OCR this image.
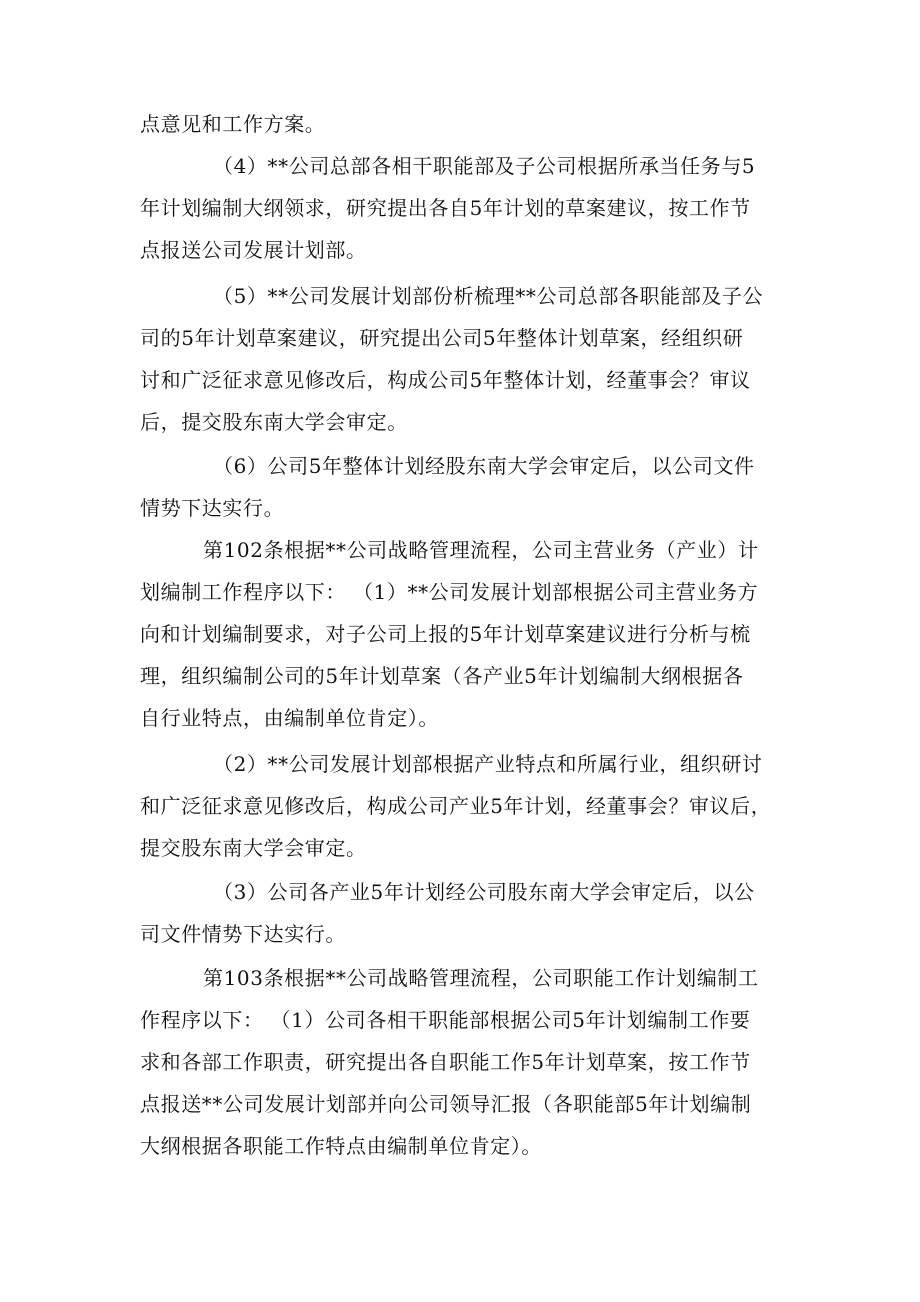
点意见和工作方案。
（4）**公司总部各相干职能部及子公司根据所承当任务与5
年计划编制大纲领求，研究提出各自5年计划的草案建议，按工作节
点报送公司发展计划部。
（5）**公司发展计划部份析梳理**公司总部各职能部及子公
司的5年计划草案建议，研究提出公司5年整体计划草案，经组织研
讨和广泛征求意见修改后，构成公司5年整体计划，经董事会？审议
后，提交股东南大学会审定。
（6）公司5年整体计划经股东南大学会审定后，以公司文件
情势下达实行。
第102条根据**公司战略管理流程，公司主营业务（产业）计
划编制工作程序以下： （1）**公司发展计划部根据公司主营业务方
向和计划编制要求，对子公司上报的5年计划草案建议进行分析与梳
理，组织编制公司的5年计划草案（各产业5年计划编制大纲根据各
自行业特点，由编制单位肯定）。
（2）**公司发展计划部根据产业特点和所属行业，组织研讨
和广泛征求意见修改后，构成公司产业5年计划，经董事会？审议后，
提交股东南大学会审定。
（3）公司各产业5年计划经公司股东南大学会审定后，以公
司文件情势下达实行。
第103条根据**公司战略管理流程，公司职能工作计划编制工
作程序以下： （1）公司各相干职能部根据公司5年计划编制工作要
求和各部工作职责，研究提出各自职能工作5年计划草案，按工作节
点报送**公司发展计划部并向公司领导汇报（各职能部5年计划编制
大纲根据各职能工作特点由编制单位肯定）。
